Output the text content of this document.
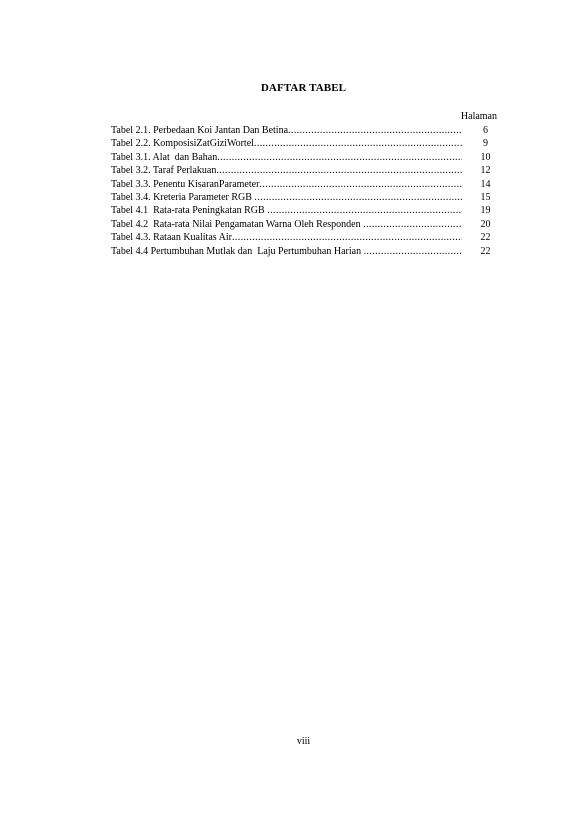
DAFTAR TABEL
Halaman
Tabel 2.1. Perbedaan Koi Jantan Dan Betina .....	6
Tabel 2.2. KomposisiZatGiziWortel .....	9
Tabel 3.1. Alat  dan Bahan .....	10
Tabel 3.2. Taraf Perlakuan .....	12
Tabel 3.3. Penentu KisaranParameter .....	14
Tabel 3.4. Kreteria Parameter RGB .....	15
Tabel 4.1  Rata-rata Peningkatan RGB .....	19
Tabel 4.2  Rata-rata Nilai Pengamatan Warna Oleh Responden .....	20
Tabel 4.3. Rataan Kualitas Air .....	22
Tabel 4.4 Pertumbuhan Mutlak dan  Laju Pertumbuhan Harian .....	22
viii
